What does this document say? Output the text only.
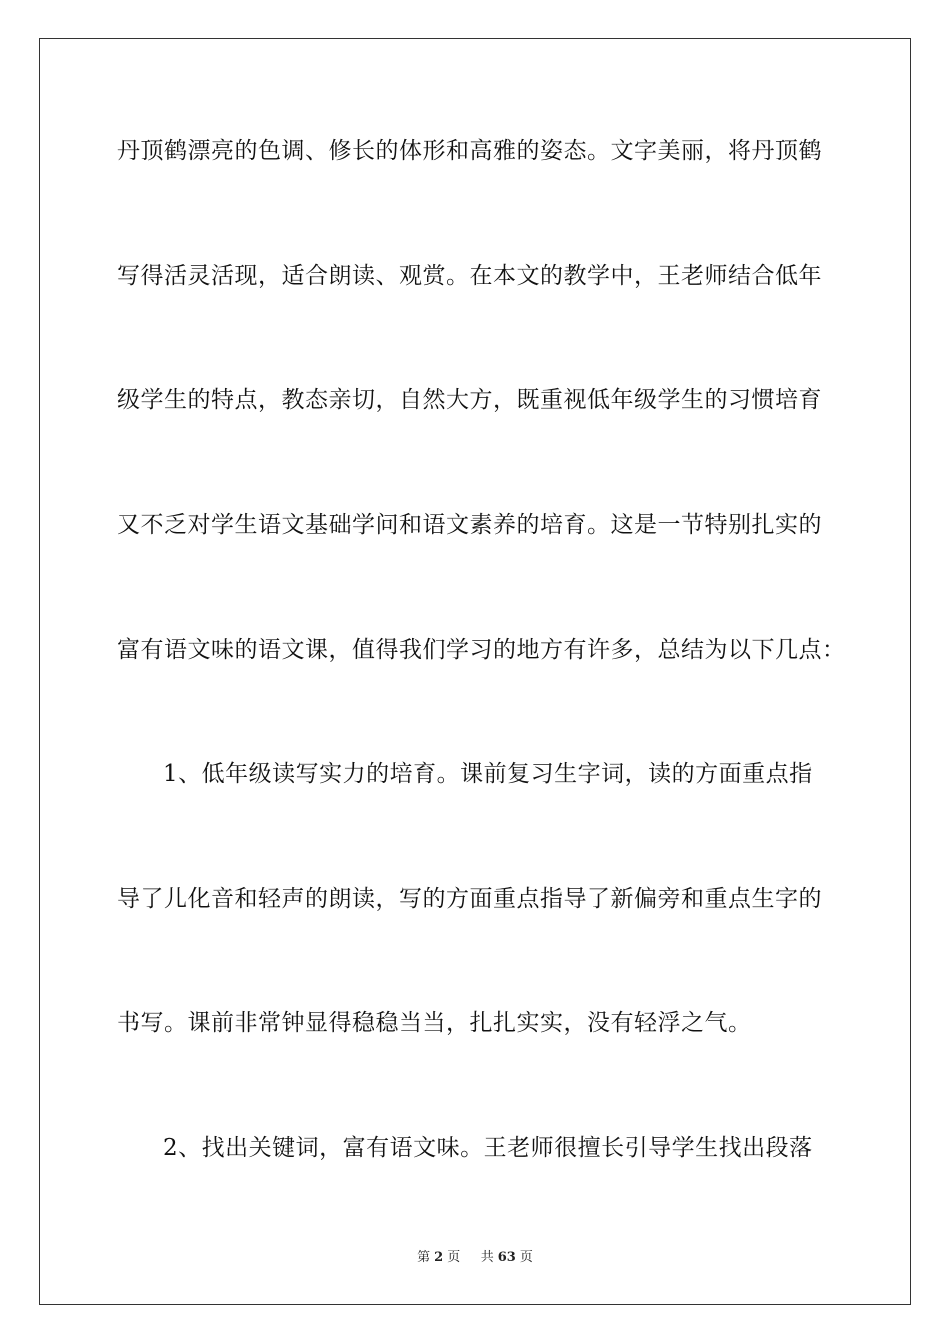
丹顶鹤漂亮的色调、修长的体形和高雅的姿态。文字美丽，将丹顶鹤
写得活灵活现，适合朗读、观赏。在本文的教学中，王老师结合低年
级学生的特点，教态亲切，自然大方，既重视低年级学生的习惯培育
又不乏对学生语文基础学问和语文素养的培育。这是一节特别扎实的
富有语文味的语文课，值得我们学习的地方有许多，总结为以下几点：
1、低年级读写实力的培育。课前复习生字词，读的方面重点指
导了儿化音和轻声的朗读，写的方面重点指导了新偏旁和重点生字的
书写。课前非常钟显得稳稳当当，扎扎实实，没有轻浮之气。
2、找出关键词，富有语文味。王老师很擅长引导学生找出段落
第 2 页 共 63 页
